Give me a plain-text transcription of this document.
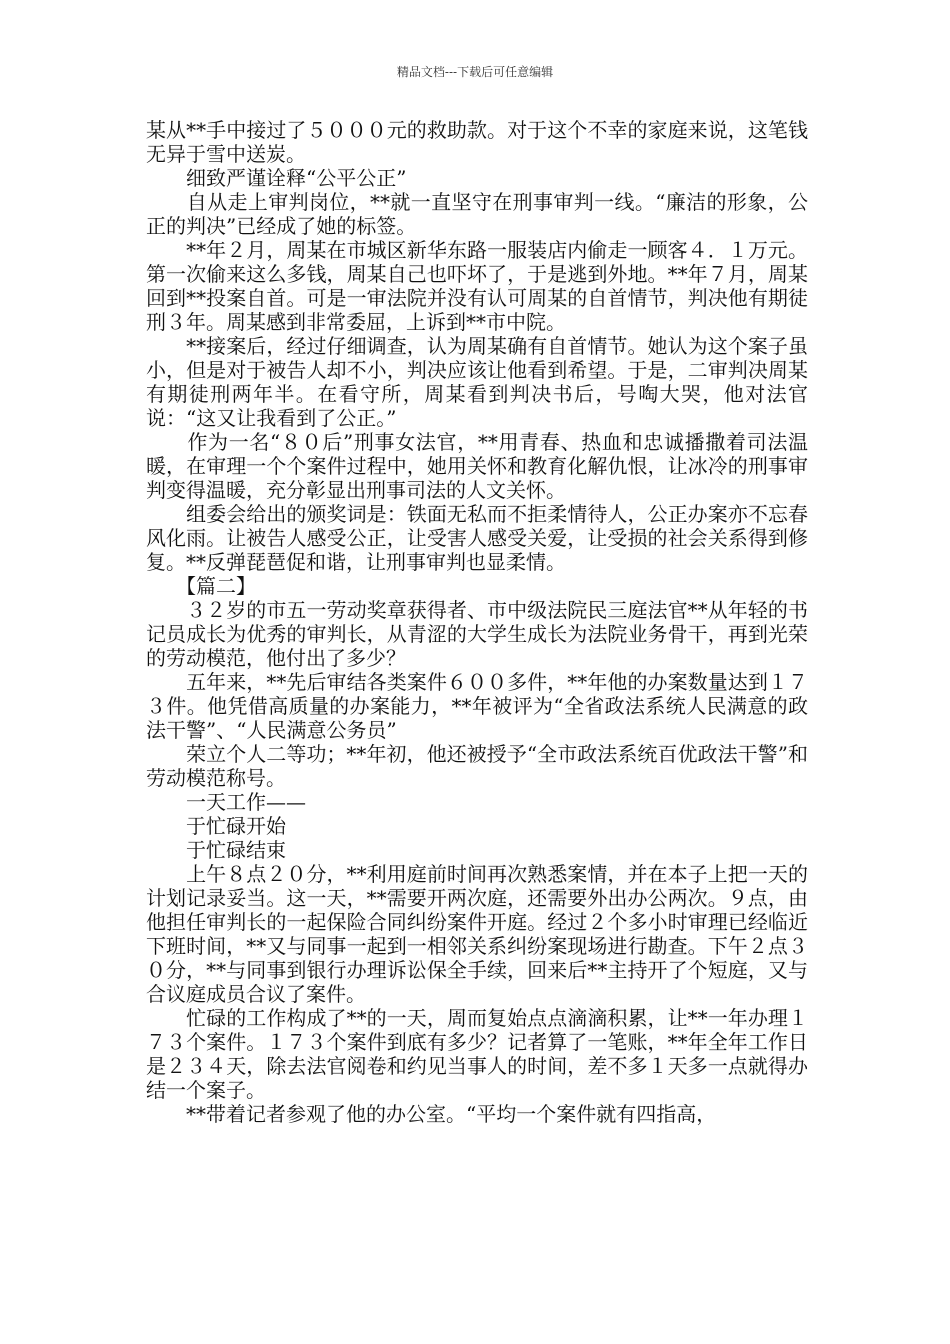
精品文档---下载后可任意编辑

某从**手中接过了５０００元的救助款。对于这个不幸的家庭来说，这笔钱无异于雪中送炭。

　　细致严谨诠释“公平公正”

　　自从走上审判岗位，**就一直坚守在刑事审判一线。“廉洁的形象，公正的判决”已经成了她的标签。

　　**年２月，周某在市城区新华东路一服装店内偷走一顾客４．１万元。第一次偷来这么多钱，周某自己也吓坏了，于是逃到外地。**年７月，周某回到**投案自首。可是一审法院并没有认可周某的自首情节，判决他有期徒刑３年。周某感到非常委屈，上诉到**市中院。

　　**接案后，经过仔细调查，认为周某确有自首情节。她认为这个案子虽小，但是对于被告人却不小，判决应该让他看到希望。于是，二审判决周某有期徒刑两年半。在看守所，周某看到判决书后，号啕大哭，他对法官说：“这又让我看到了公正。”

　　作为一名“８０后”刑事女法官，**用青春、热血和忠诚播撒着司法温暖，在审理一个个案件过程中，她用关怀和教育化解仇恨，让冰冷的刑事审判变得温暖，充分彰显出刑事司法的人文关怀。

　　组委会给出的颁奖词是：铁面无私而不拒柔情待人，公正办案亦不忘春风化雨。让被告人感受公正，让受害人感受关爱，让受损的社会关系得到修复。**反弹琵琶促和谐，让刑事审判也显柔情。

　　【篇二】

　　３２岁的市五一劳动奖章获得者、市中级法院民三庭法官**从年轻的书记员成长为优秀的审判长，从青涩的大学生成长为法院业务骨干，再到光荣的劳动模范，他付出了多少？

　　五年来，**先后审结各类案件６００多件，**年他的办案数量达到１７３件。他凭借高质量的办案能力，**年被评为“全省政法系统人民满意的政法干警”、“人民满意公务员”

　　荣立个人二等功；**年初，他还被授予“全市政法系统百优政法干警”和劳动模范称号。

　　一天工作——

　　于忙碌开始

　　于忙碌结束

　　上午８点２０分，**利用庭前时间再次熟悉案情，并在本子上把一天的计划记录妥当。这一天，**需要开两次庭，还需要外出办公两次。９点，由他担任审判长的一起保险合同纠纷案件开庭。经过２个多小时审理已经临近下班时间，**又与同事一起到一相邻关系纠纷案现场进行勘查。下午２点３０分，**与同事到银行办理诉讼保全手续，回来后**主持开了个短庭，又与合议庭成员合议了案件。

　　忙碌的工作构成了**的一天，周而复始点点滴滴积累，让**一年办理１７３个案件。１７３个案件到底有多少？记者算了一笔账，**年全年工作日是２３４天，除去法官阅卷和约见当事人的时间，差不多１天多一点就得办结一个案子。

　　**带着记者参观了他的办公室。“平均一个案件就有四指高，
